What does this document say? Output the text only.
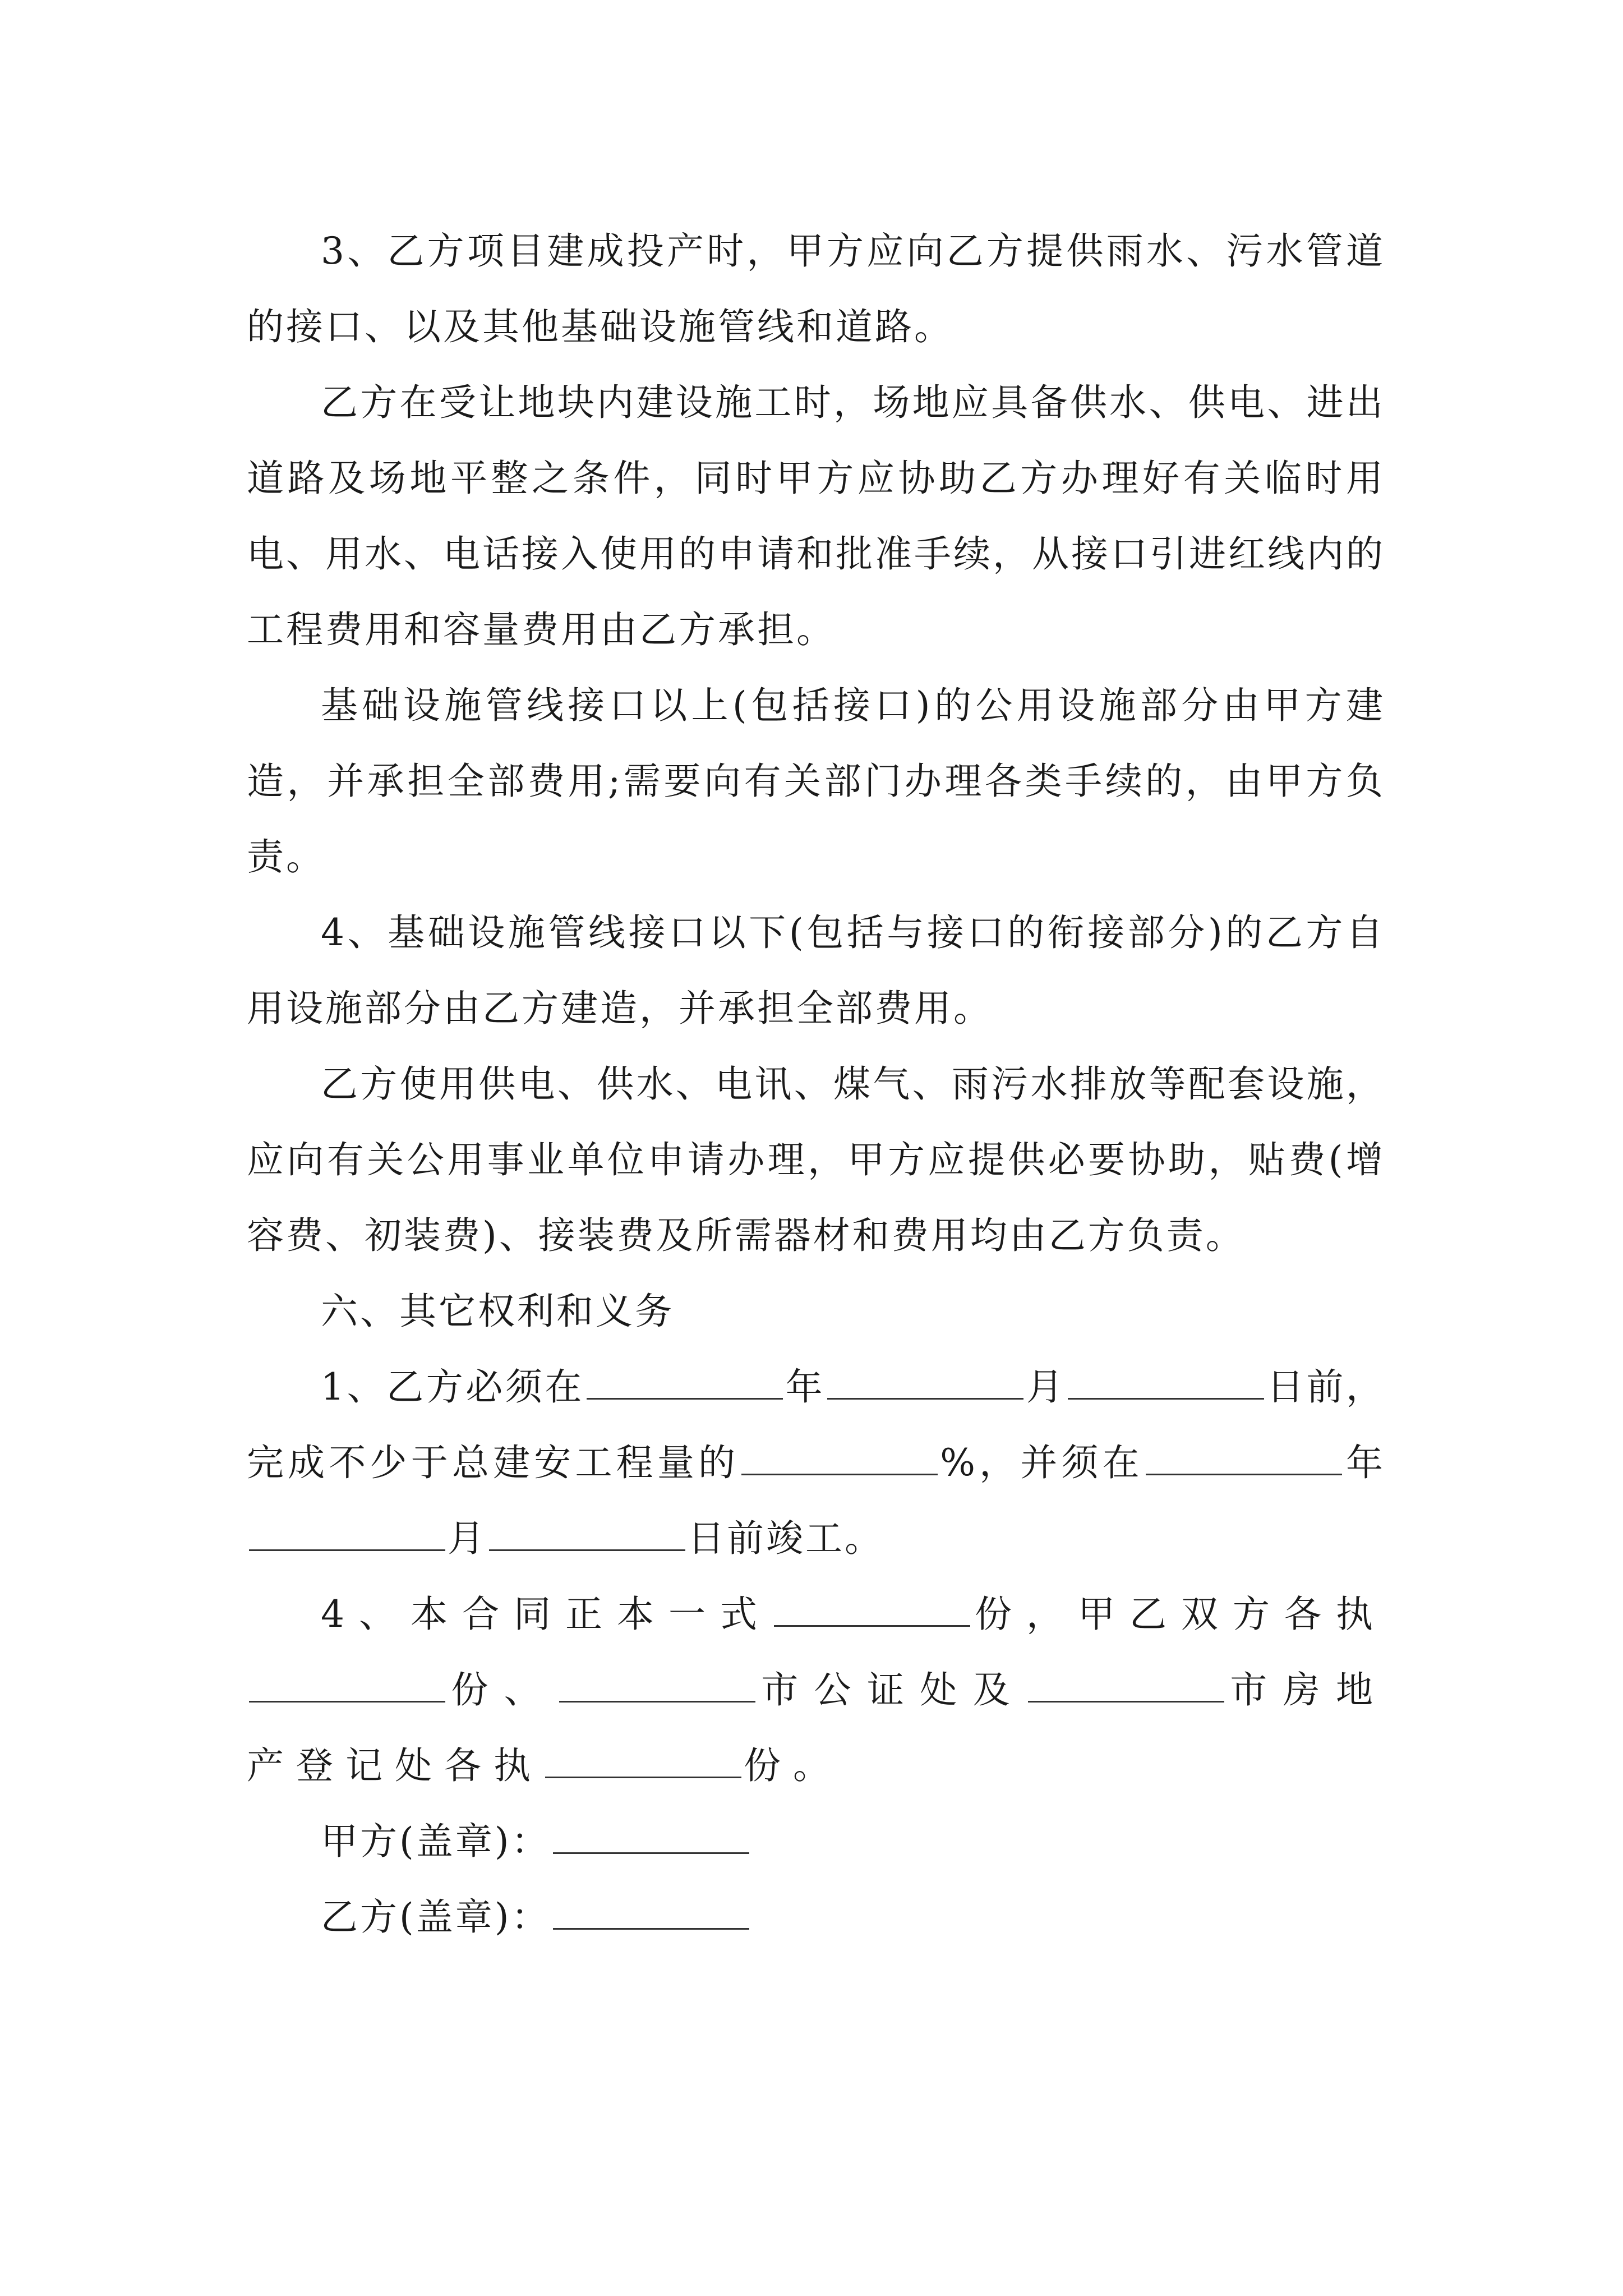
3、乙方项目建成投产时，甲方应向乙方提供雨水、污水管道的接口、以及其他基础设施管线和道路。

乙方在受让地块内建设施工时，场地应具备供水、供电、进出道路及场地平整之条件，同时甲方应协助乙方办理好有关临时用电、用水、电话接入使用的申请和批准手续，从接口引进红线内的工程费用和容量费用由乙方承担。

基础设施管线接口以上(包括接口)的公用设施部分由甲方建造，并承担全部费用;需要向有关部门办理各类手续的，由甲方负责。

4、基础设施管线接口以下(包括与接口的衔接部分)的乙方自用设施部分由乙方建造，并承担全部费用。

乙方使用供电、供水、电讯、煤气、雨污水排放等配套设施，应向有关公用事业单位申请办理，甲方应提供必要协助，贴费(增容费、初装费)、接装费及所需器材和费用均由乙方负责。

六、其它权利和义务

1、乙方必须在	年	月	日前，完成不少于总建安工程量的	%，并须在	年月	日前竣工。

4、本合同正本一式	份，甲乙双方各执份、	市公证处及	市房地产登记处各执	份。

甲方(盖章)：

乙方(盖章)：
